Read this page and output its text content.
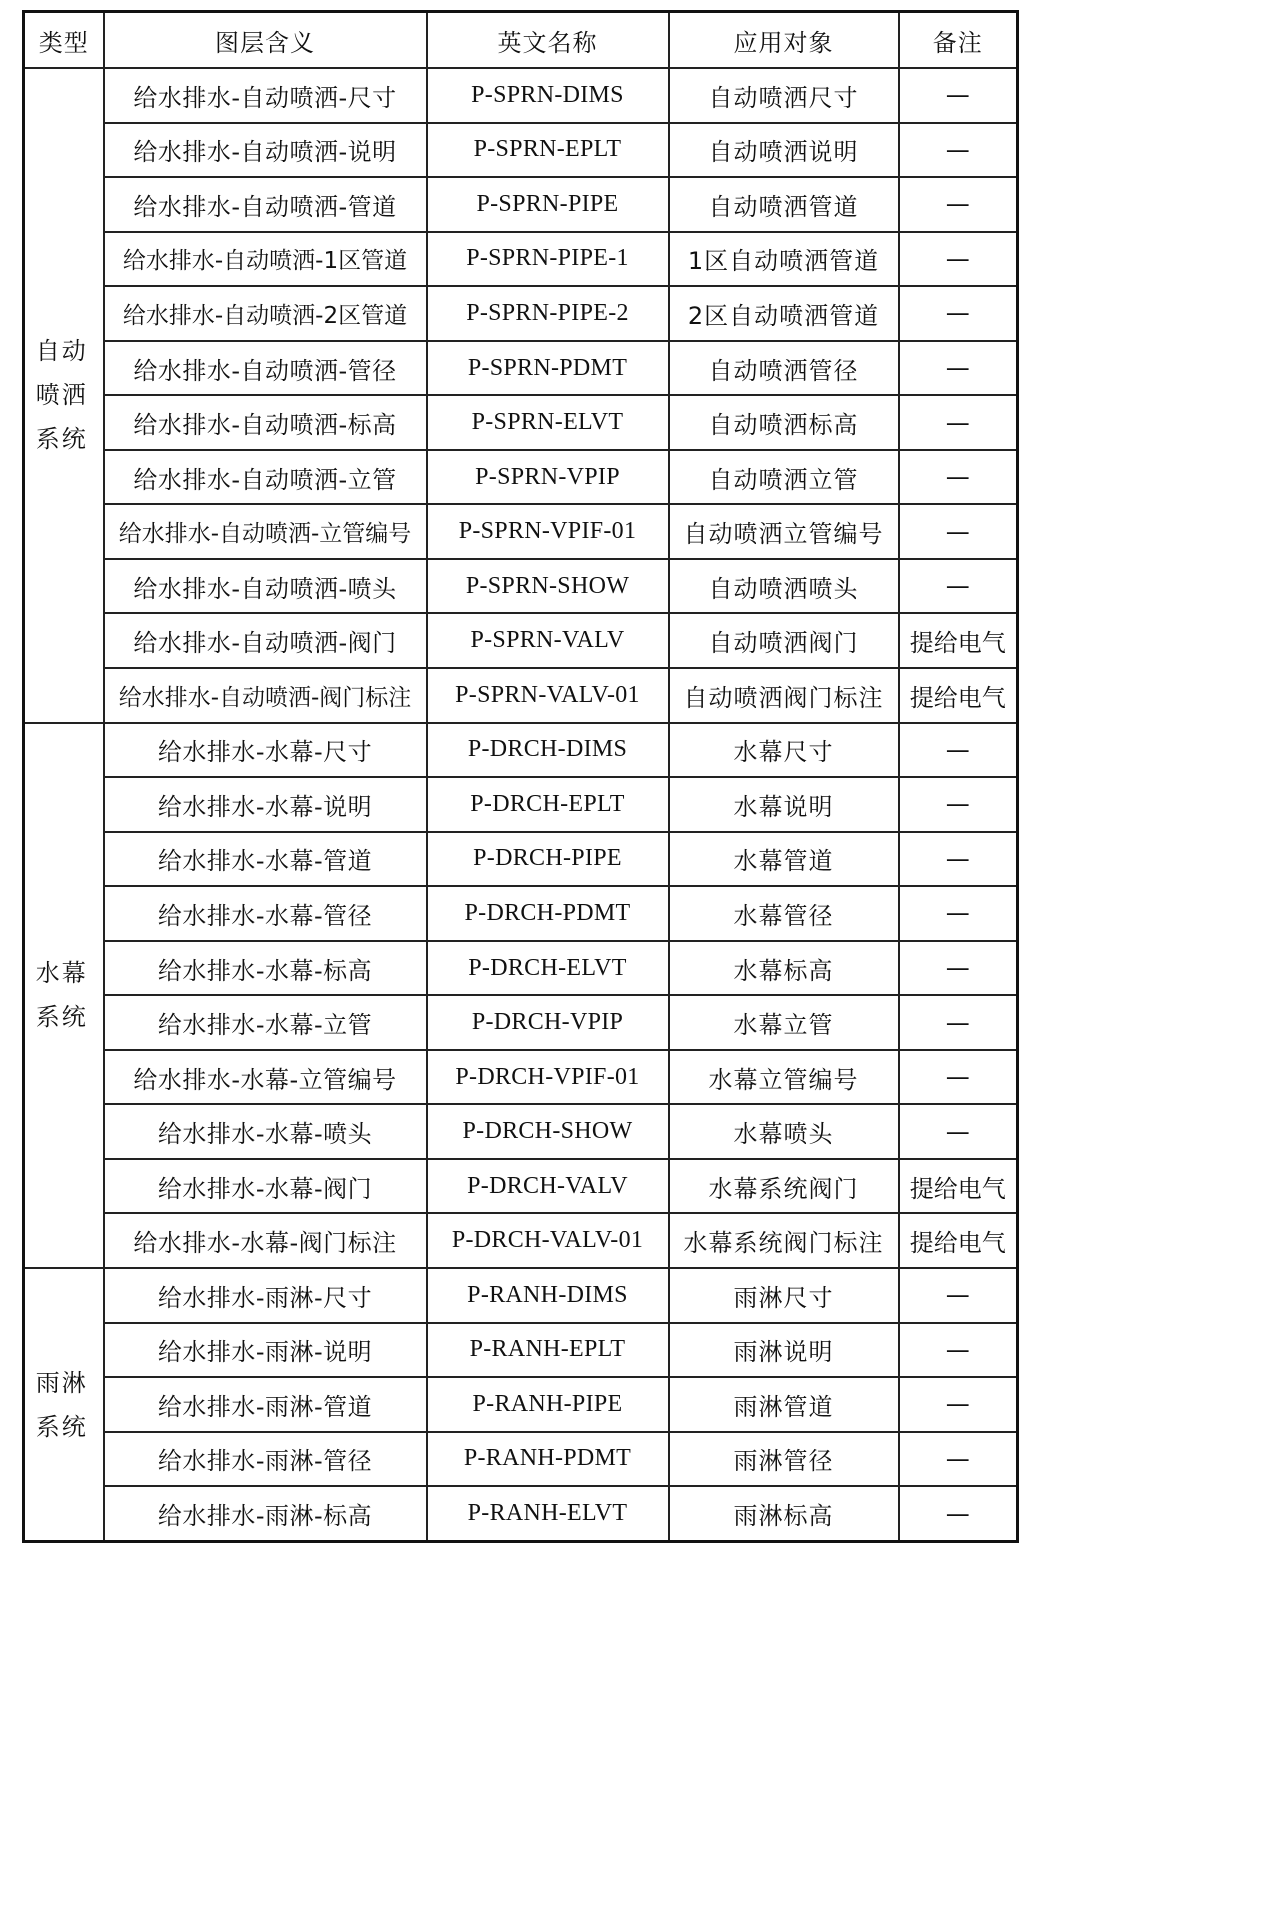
类型	图层含义	英文名称	应用对象	备注
自动喷洒系统	给水排水-自动喷洒-尺寸	P-SPRN-DIMS	自动喷洒尺寸	—
	给水排水-自动喷洒-说明	P-SPRN-EPLT	自动喷洒说明	—
	给水排水-自动喷洒-管道	P-SPRN-PIPE	自动喷洒管道	—
	给水排水-自动喷洒-1区管道	P-SPRN-PIPE-1	1区自动喷洒管道	—
	给水排水-自动喷洒-2区管道	P-SPRN-PIPE-2	2区自动喷洒管道	—
	给水排水-自动喷洒-管径	P-SPRN-PDMT	自动喷洒管径	—
	给水排水-自动喷洒-标高	P-SPRN-ELVT	自动喷洒标高	—
	给水排水-自动喷洒-立管	P-SPRN-VPIP	自动喷洒立管	—
	给水排水-自动喷洒-立管编号	P-SPRN-VPIF-01	自动喷洒立管编号	—
	给水排水-自动喷洒-喷头	P-SPRN-SHOW	自动喷洒喷头	—
	给水排水-自动喷洒-阀门	P-SPRN-VALV	自动喷洒阀门	提给电气
	给水排水-自动喷洒-阀门标注	P-SPRN-VALV-01	自动喷洒阀门标注	提给电气
水幕系统	给水排水-水幕-尺寸	P-DRCH-DIMS	水幕尺寸	—
	给水排水-水幕-说明	P-DRCH-EPLT	水幕说明	—
	给水排水-水幕-管道	P-DRCH-PIPE	水幕管道	—
	给水排水-水幕-管径	P-DRCH-PDMT	水幕管径	—
	给水排水-水幕-标高	P-DRCH-ELVT	水幕标高	—
	给水排水-水幕-立管	P-DRCH-VPIP	水幕立管	—
	给水排水-水幕-立管编号	P-DRCH-VPIF-01	水幕立管编号	—
	给水排水-水幕-喷头	P-DRCH-SHOW	水幕喷头	—
	给水排水-水幕-阀门	P-DRCH-VALV	水幕系统阀门	提给电气
	给水排水-水幕-阀门标注	P-DRCH-VALV-01	水幕系统阀门标注	提给电气
雨淋系统	给水排水-雨淋-尺寸	P-RANH-DIMS	雨淋尺寸	—
	给水排水-雨淋-说明	P-RANH-EPLT	雨淋说明	—
	给水排水-雨淋-管道	P-RANH-PIPE	雨淋管道	—
	给水排水-雨淋-管径	P-RANH-PDMT	雨淋管径	—
	给水排水-雨淋-标高	P-RANH-ELVT	雨淋标高	—
